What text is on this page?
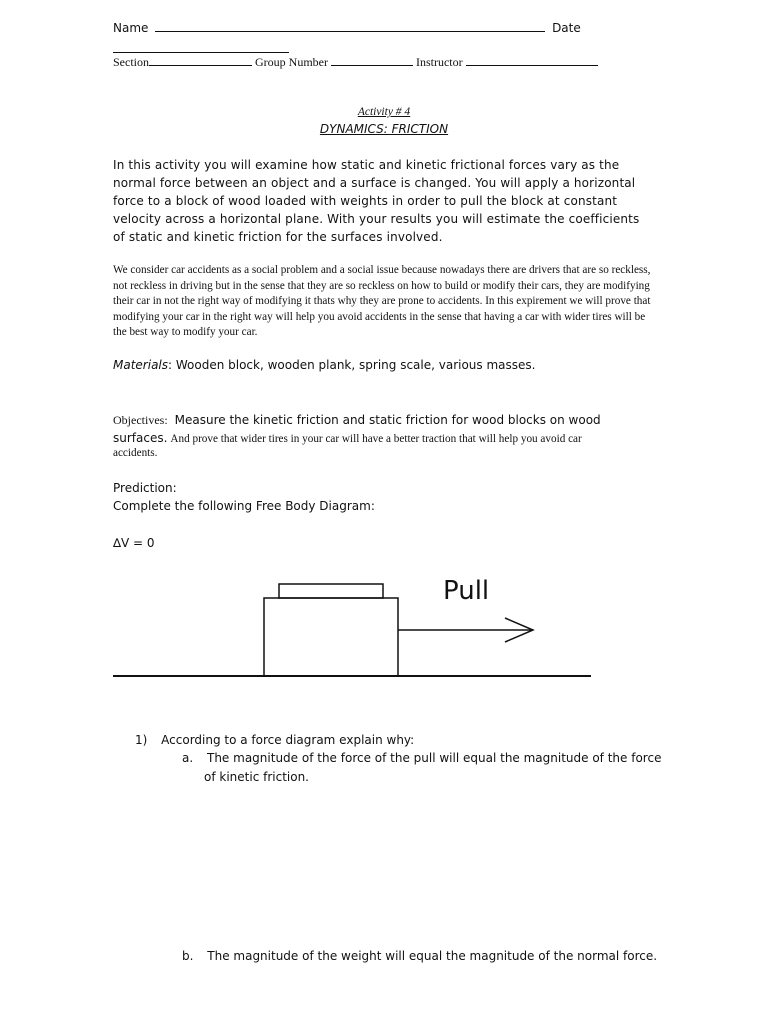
Name	Date
Section	Group Number	Instructor
Activity # 4
DYNAMICS: FRICTION
In this activity you will examine how static and kinetic frictional forces vary as the normal force between an object and a surface is changed. You will apply a horizontal force to a block of wood loaded with weights in order to pull the block at constant velocity across a horizontal plane. With your results you will estimate the coefficients of static and kinetic friction for the surfaces involved.
We consider car accidents as a social problem and a social issue because nowadays there are drivers that are so reckless, not reckless in driving but in the sense that they are so reckless on how to build or modify their cars, they are modifying their car in not the right way of modifying it thats why they are prone to accidents. In this expirement we will prove that modifying your car in the right way will help you avoid accidents in the sense that having a car with wider tires will be the best way to modify your car.
Materials: Wooden block, wooden plank, spring scale, various masses.
Objectives: Measure the kinetic friction and static friction for wood blocks on wood
surfaces. And prove that wider tires in your car will have a better traction that will help you avoid car
accidents.
Prediction:
Complete the following Free Body Diagram:
∆V = 0
Pull
1) According to a force diagram explain why:
a. The magnitude of the force of the pull will equal the magnitude of the force
of kinetic friction.
b. The magnitude of the weight will equal the magnitude of the normal force.
